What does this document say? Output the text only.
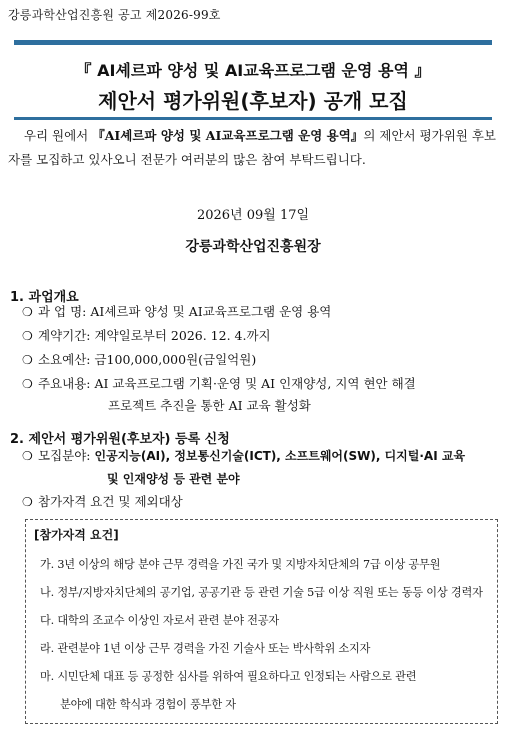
강릉과학산업진흥원 공고 제2026-99호
『 AI셰르파 양성 및 AI교육프로그램 운영 용역 』
제안서 평가위원(후보자) 공개 모집
우리 원에서 『AI셰르파 양성 및 AI교육프로그램 운영 용역』의 제안서 평가위원 후보자를 모집하고 있사오니 전문가 여러분의 많은 참여 부탁드립니다.
2026년 09월 17일
강릉과학산업진흥원장
1. 과업개요
❍ 과 업 명: AI셰르파 양성 및 AI교육프로그램 운영 용역
❍ 계약기간: 계약일로부터 2026. 12. 4.까지
❍ 소요예산: 금100,000,000원(금일억원)
❍ 주요내용: AI 교육프로그램 기획·운영 및 AI 인재양성, 지역 현안 해결
프로젝트 추진을 통한 AI 교육 활성화
2. 제안서 평가위원(후보자) 등록 신청
❍ 모집분야: 인공지능(AI), 정보통신기술(ICT), 소프트웨어(SW), 디지털·AI 교육
및 인재양성 등 관련 분야
❍ 참가자격 요건 및 제외대상
[참가자격 요건]
가. 3년 이상의 해당 분야 근무 경력을 가진 국가 및 지방자치단체의 7급 이상 공무원
나. 정부/지방자치단체의 공기업, 공공기관 등 관련 기술 5급 이상 직원 또는 동등 이상 경력자
다. 대학의 조교수 이상인 자로서 관련 분야 전공자
라. 관련분야 1년 이상 근무 경력을 가진 기술사 또는 박사학위 소지자
마. 시민단체 대표 등 공정한 심사를 위하여 필요하다고 인정되는 사람으로 관련
분야에 대한 학식과 경험이 풍부한 자
